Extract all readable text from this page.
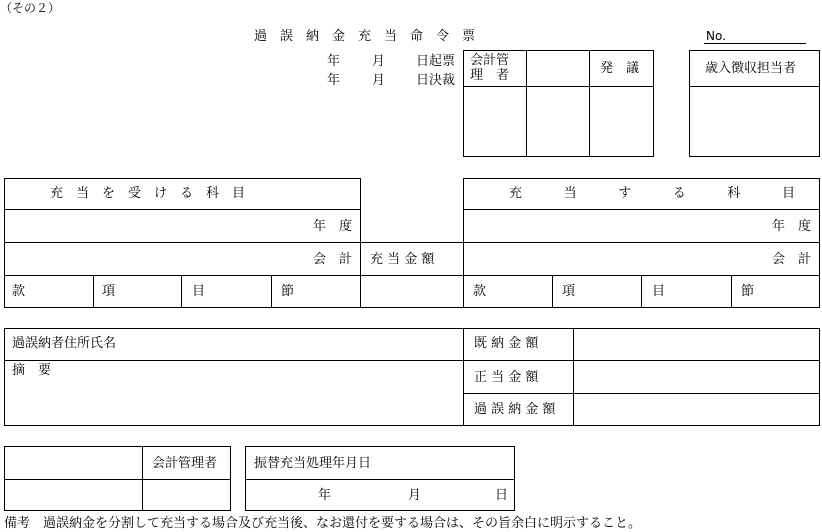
（その２）
過　誤　納　金　充　当　命　令　票	No.
年 月 日起票
年 月 日決裁
会計管
理　者	発　議	歳入徴収担当者
充　当　を　受　け　る　科　目
年　度
会　計
款	項	目	節
充 当 金 額
充　当　す　る　科　目
年　度
会　計
款	項	目	節
過誤納者住所氏名
摘　要
既 納 金 額
正 当 金 額
過 誤 納 金 額
会計管理者	振替充当処理年月日
年	月	日
備考　過誤納金を分割して充当する場合及び充当後、なお還付を要する場合は、その旨余白に明示すること。
